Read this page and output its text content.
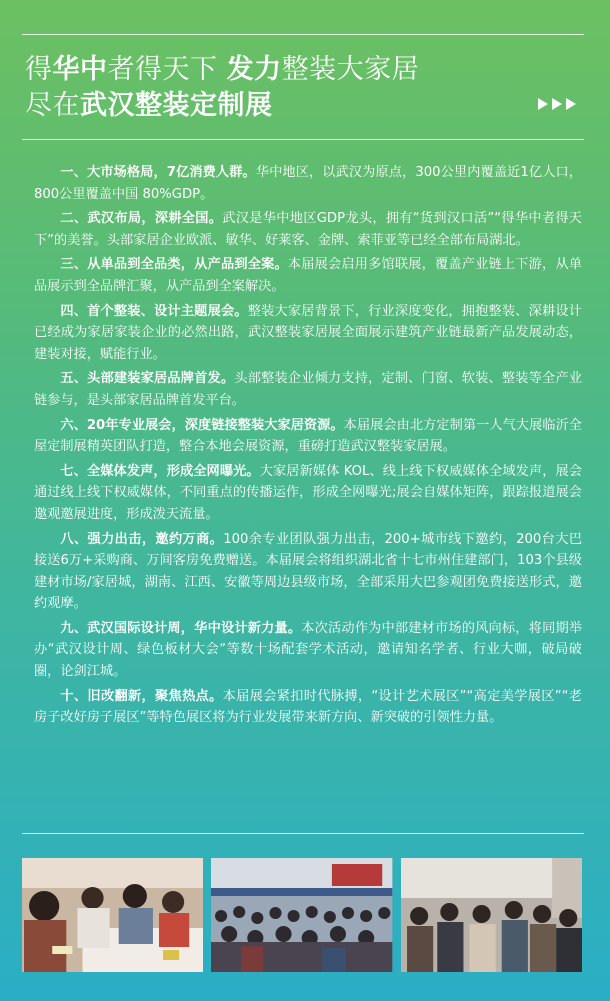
得华中者得天下 发力整装大家居
尽在武汉整装定制展

一、大市场格局，7亿消费人群。华中地区，以武汉为原点，300公里内覆盖近1亿人口，800公里覆盖中国 80%GDP。

二、武汉布局，深耕全国。武汉是华中地区GDP龙头，拥有“货到汉口活”“得华中者得天下”的美誉。头部家居企业欧派、敏华、好莱客、金牌、索菲亚等已经全部布局湖北。

三、从单品到全品类，从产品到全案。本届展会启用多馆联展，覆盖产业链上下游，从单品展示到全品牌汇聚，从产品到全案解决。

四、首个整装、设计主题展会。整装大家居背景下，行业深度变化，拥抱整装、深耕设计已经成为家居家装企业的必然出路，武汉整装家居展全面展示建筑产业链最新产品发展动态，建装对接，赋能行业。

五、头部建装家居品牌首发。头部整装企业倾力支持，定制、门窗、软装、整装等全产业链参与，是头部家居品牌首发平台。

六、20年专业展会，深度链接整装大家居资源。本届展会由北方定制第一人气大展临沂全屋定制展精英团队打造，整合本地会展资源，重磅打造武汉整装家居展。

七、全媒体发声，形成全网曝光。大家居新媒体 KOL、线上线下权威媒体全域发声，展会通过线上线下权威媒体，不同重点的传播运作，形成全网曝光;展会自媒体矩阵，跟踪报道展会邀观邀展进度，形成泼天流量。

八、强力出击，邀约万商。100余专业团队强力出击，200+城市线下邀约，200台大巴接送6万+采购商、万间客房免费赠送。本届展会将组织湖北省十七市州住建部门，103个县级建材市场/家居城，湖南、江西、安徽等周边县级市场，全部采用大巴参观团免费接送形式，邀约观摩。

九、武汉国际设计周，华中设计新力量。本次活动作为中部建材市场的风向标，将同期举办“武汉设计周、绿色板材大会”等数十场配套学术活动，邀请知名学者、行业大咖，破局破圈，论剑江城。

十、旧改翻新，聚焦热点。本届展会紧扣时代脉搏，“设计艺术展区”“高定美学展区”“老房子改好房子展区”等特色展区将为行业发展带来新方向、新突破的引领性力量。
